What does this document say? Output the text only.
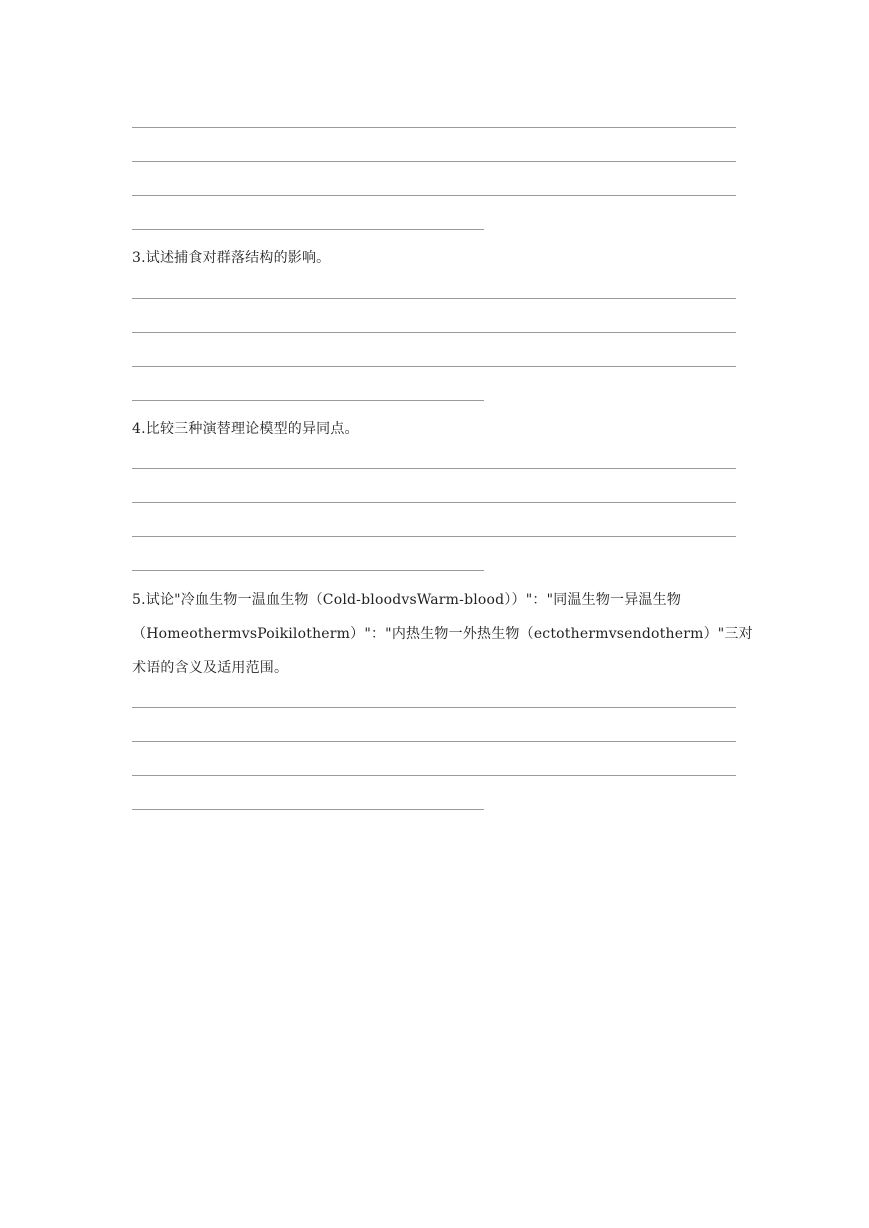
3.试述捕食对群落结构的影响。
4.比较三种演替理论模型的异同点。
5.试论"冷血生物一温血生物（Cold-bloodvsWarm-blood））"："同温生物一异温生物
（HomeothermvsPoikilotherm）"："内热生物一外热生物（ectothermvsendotherm）"三对
术语的含义及适用范围。
